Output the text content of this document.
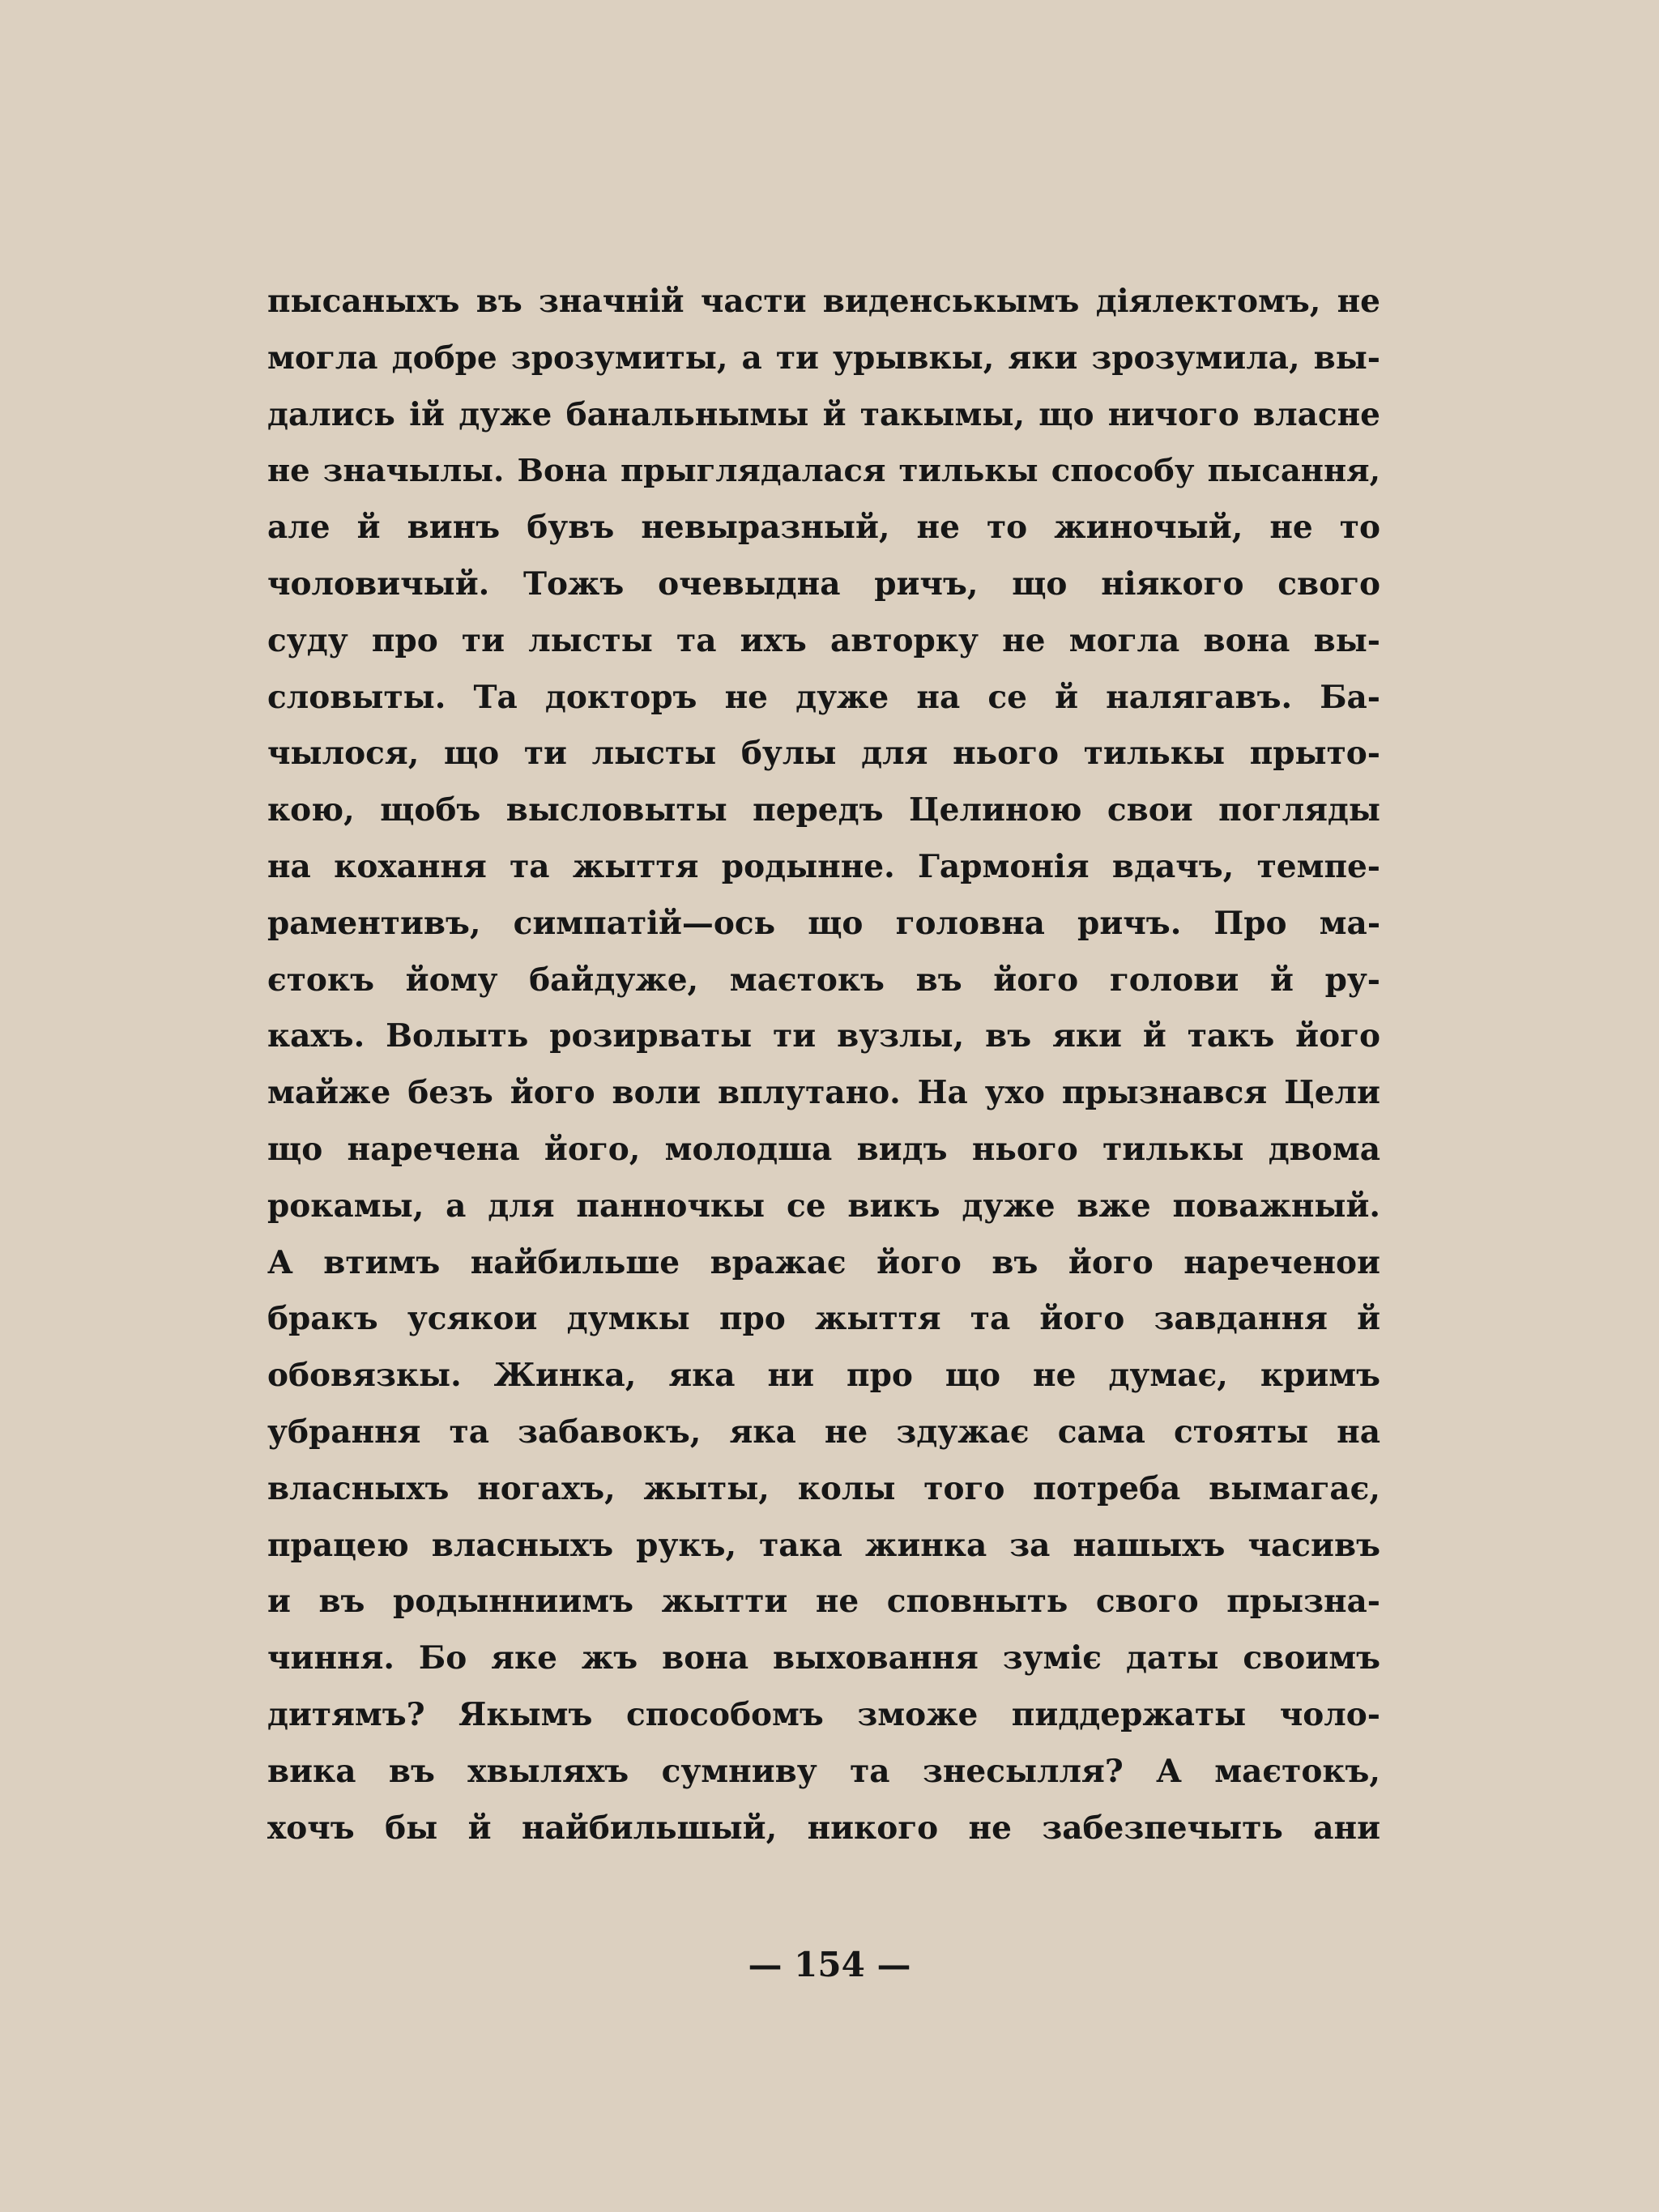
пысаныхъ въ значній части виденськымъ діялектомъ, не
могла добре зрозумиты, а ти урывкы, яки зрозумила, вы-
дались ій дуже банальнымы й такымы, що ничого власне
не значылы. Вона прыглядалася тилькы способу пысання,
але й винъ бувъ невыразный, не то жиночый, не то
чоловичый. Тожъ очевыдна ричъ, що ніякого свого
суду про ти лысты та ихъ авторку не могла вона вы-
словыты. Та докторъ не дуже на се й налягавъ. Ба-
чылося, що ти лысты булы для нього тилькы прыто-
кою, щобъ высловыты передъ Целиною свои погляды
на кохання та жыття родынне. Гармонія вдачъ, темпе-
раментивъ, симпатій—ось що головна ричъ. Про ма-
єтокъ йому байдуже, маєтокъ въ його голови й ру-
кахъ. Волыть розирваты ти вузлы, въ яки й такъ його
майже безъ його воли вплутано. На ухо прызнався Цели
що наречена його, молодша видъ нього тилькы двома
рокамы, а для панночкы се викъ дуже вже поважный.
А втимъ найбильше вражає його въ його нареченои
бракъ усякои думкы про жыття та його завдання й
обовязкы. Жинка, яка ни про що не думає, кримъ
убрання та забавокъ, яка не здужає сама стояты на
власныхъ ногахъ, жыты, колы того потреба вымагає,
працею власныхъ рукъ, така жинка за нашыхъ часивъ
и въ родынниимъ жытти не сповныть свого прызна-
чиння. Бо яке жъ вона выховання зуміє даты своимъ
дитямъ? Якымъ способомъ зможе пиддержаты чоло-
вика въ хвыляхъ сумниву та знесылля? А маєтокъ,
хочъ бы й найбильшый, никого не забезпечыть ани
— 154 —
